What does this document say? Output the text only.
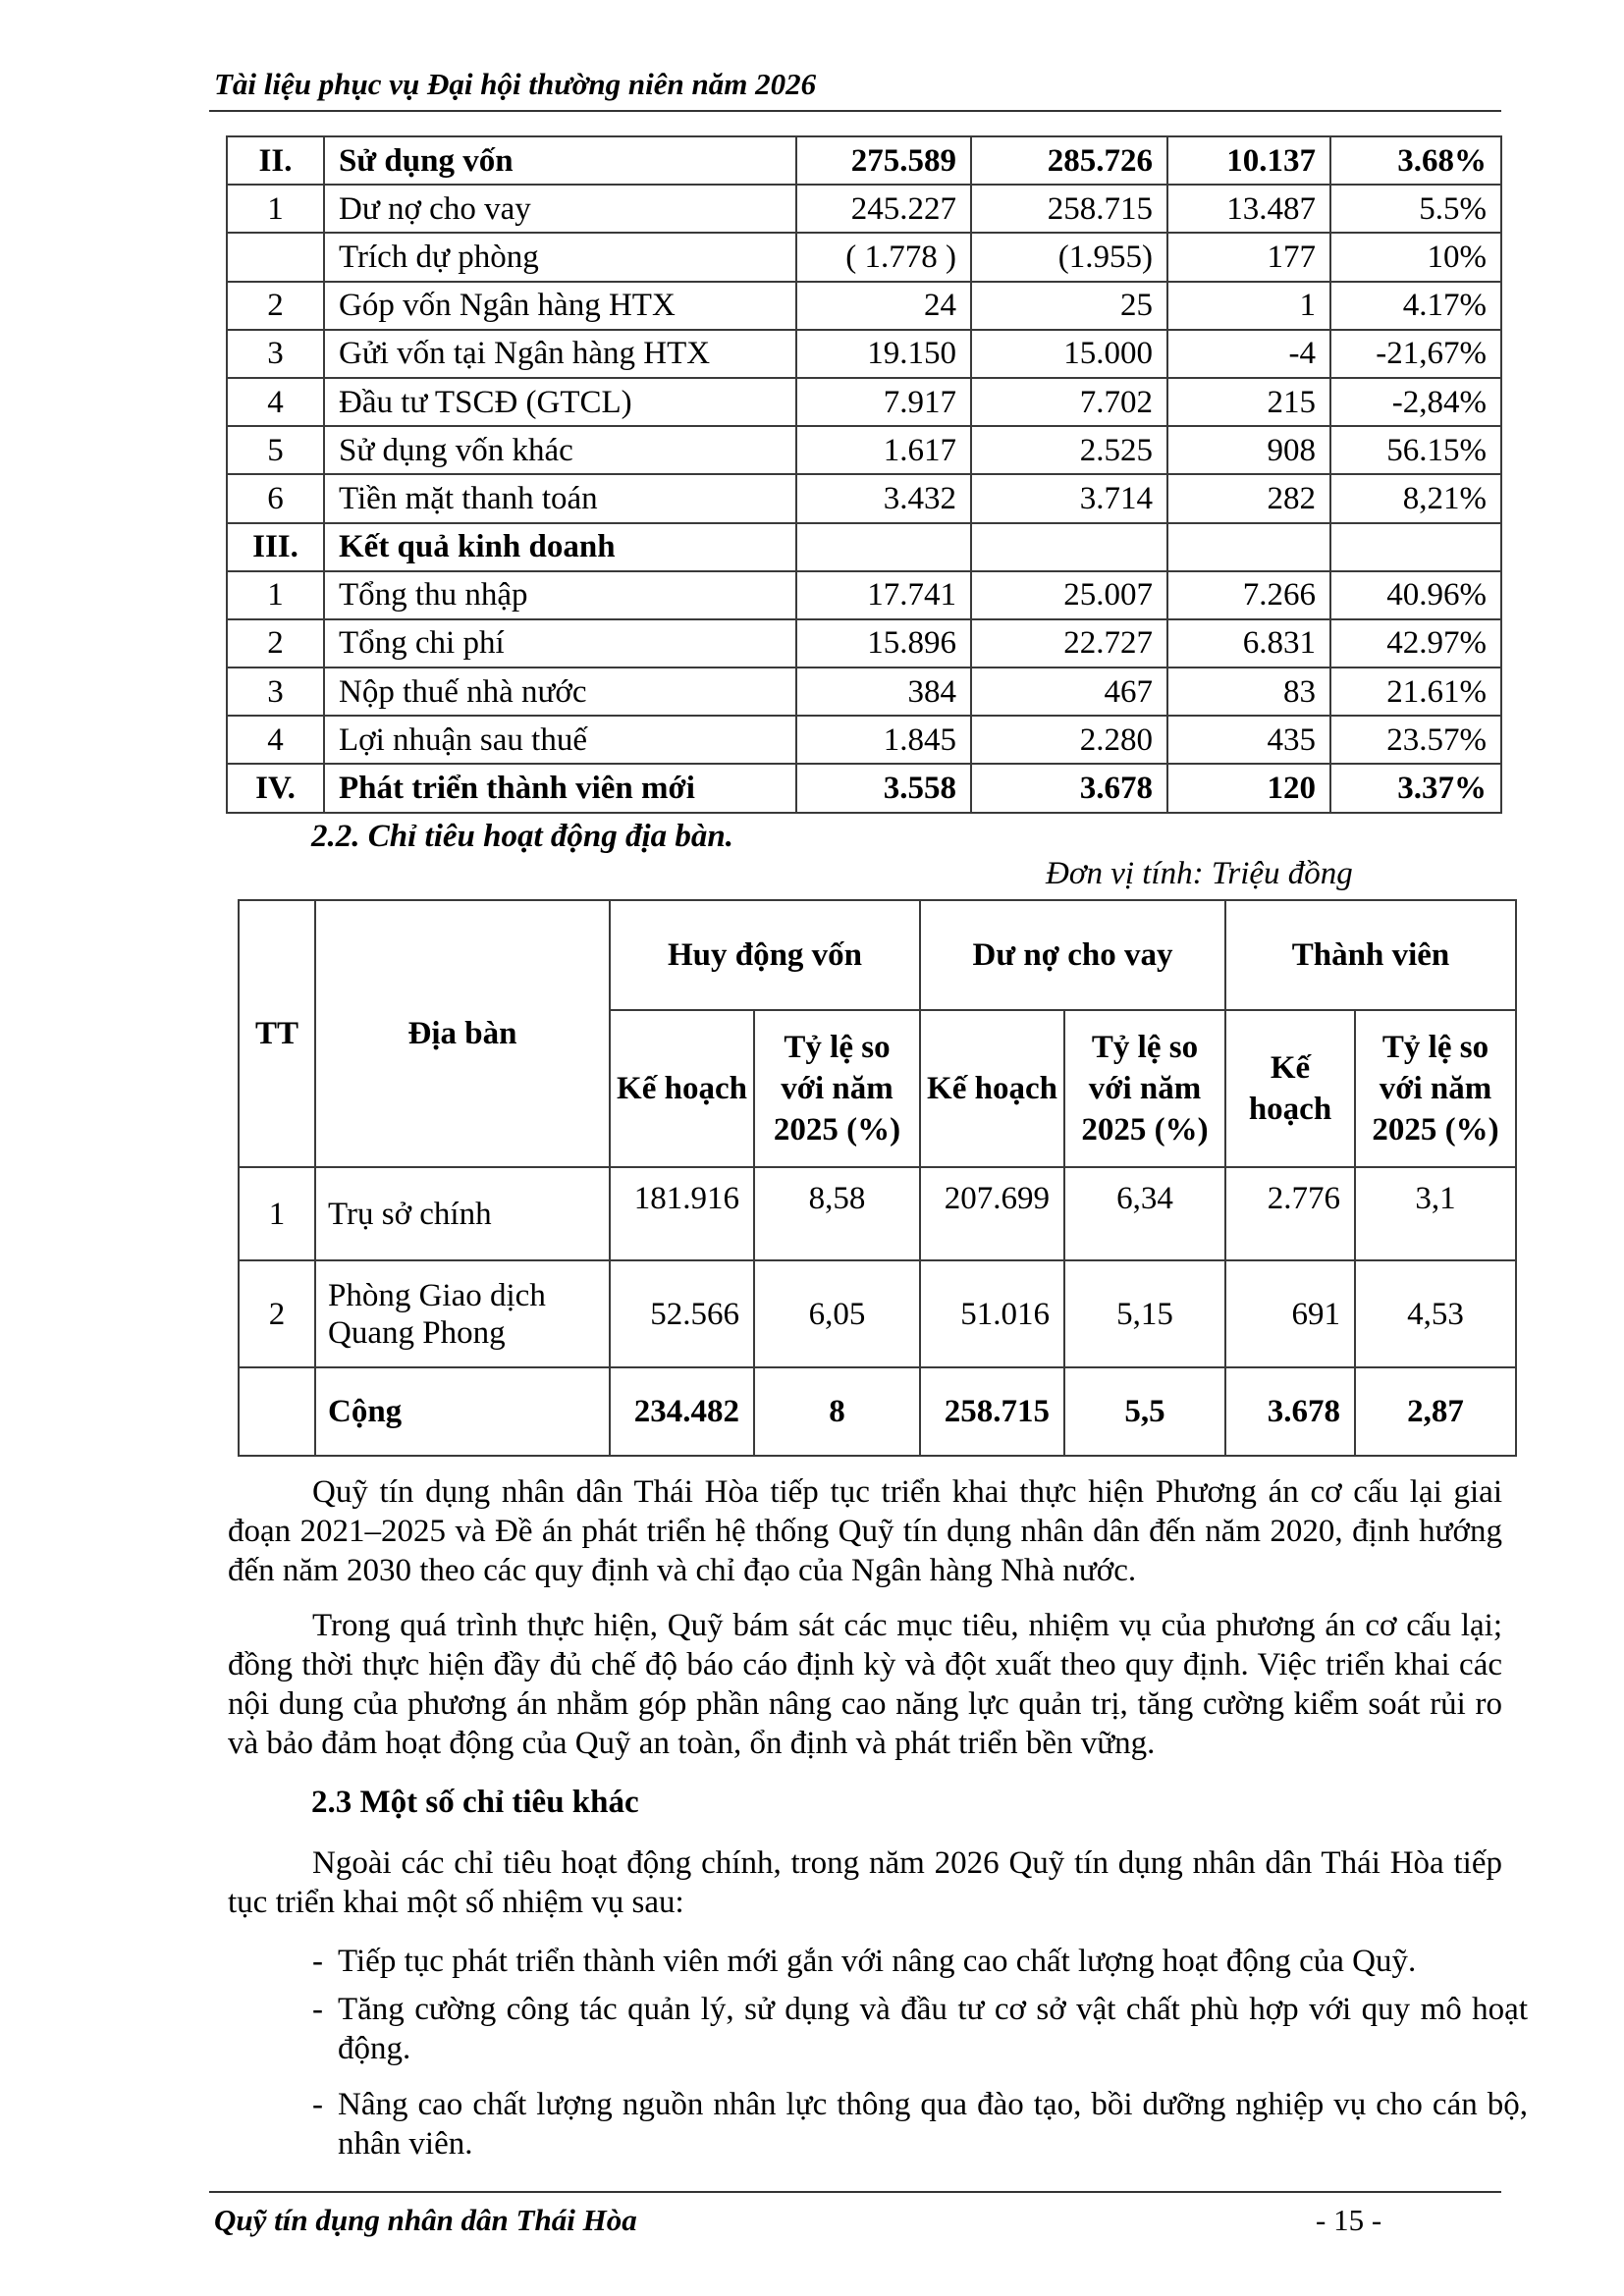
Tài liệu phục vụ Đại hội thường niên năm 2026
II.	Sử dụng vốn	275.589	285.726	10.137	3.68%
1	Dư nợ cho vay	245.227	258.715	13.487	5.5%
	Trích dự phòng	( 1.778 )	(1.955)	177	10%
2	Góp vốn Ngân hàng HTX	24	25	1	4.17%
3	Gửi vốn tại Ngân hàng HTX	19.150	15.000	-4	-21,67%
4	Đầu tư TSCĐ (GTCL)	7.917	7.702	215	-2,84%
5	Sử dụng vốn khác	1.617	2.525	908	56.15%
6	Tiền mặt thanh toán	3.432	3.714	282	8,21%
III.	Kết quả kinh doanh				
1	Tổng thu nhập	17.741	25.007	7.266	40.96%
2	Tổng chi phí	15.896	22.727	6.831	42.97%
3	Nộp thuế nhà nước	384	467	83	21.61%
4	Lợi nhuận sau thuế	1.845	2.280	435	23.57%
IV.	Phát triển thành viên mới	3.558	3.678	120	3.37%
2.2. Chỉ tiêu hoạt động địa bàn.
Đơn vị tính: Triệu đồng
TT	Địa bàn	Huy động vốn		Dư nợ cho vay		Thành viên	
		Kế hoạch	Tỷ lệ so với năm 2025 (%)	Kế hoạch	Tỷ lệ so với năm 2025 (%)	Kế hoạch	Tỷ lệ so với năm 2025 (%)
1	Trụ sở chính	181.916	8,58	207.699	6,34	2.776	3,1
2	Phòng Giao dịch Quang Phong	52.566	6,05	51.016	5,15	691	4,53
	Cộng	234.482	8	258.715	5,5	3.678	2,87
Quỹ tín dụng nhân dân Thái Hòa tiếp tục triển khai thực hiện Phương án cơ cấu lại giai đoạn 2021–2025 và Đề án phát triển hệ thống Quỹ tín dụng nhân dân đến năm 2020, định hướng đến năm 2030 theo các quy định và chỉ đạo của Ngân hàng Nhà nước.
Trong quá trình thực hiện, Quỹ bám sát các mục tiêu, nhiệm vụ của phương án cơ cấu lại; đồng thời thực hiện đầy đủ chế độ báo cáo định kỳ và đột xuất theo quy định. Việc triển khai các nội dung của phương án nhằm góp phần nâng cao năng lực quản trị, tăng cường kiểm soát rủi ro và bảo đảm hoạt động của Quỹ an toàn, ổn định và phát triển bền vững.
2.3 Một số chỉ tiêu khác
Ngoài các chỉ tiêu hoạt động chính, trong năm 2026 Quỹ tín dụng nhân dân Thái Hòa tiếp tục triển khai một số nhiệm vụ sau:
- Tiếp tục phát triển thành viên mới gắn với nâng cao chất lượng hoạt động của Quỹ.
- Tăng cường công tác quản lý, sử dụng và đầu tư cơ sở vật chất phù hợp với quy mô hoạt động.
- Nâng cao chất lượng nguồn nhân lực thông qua đào tạo, bồi dưỡng nghiệp vụ cho cán bộ, nhân viên.
Quỹ tín dụng nhân dân Thái Hòa	- 15 -
